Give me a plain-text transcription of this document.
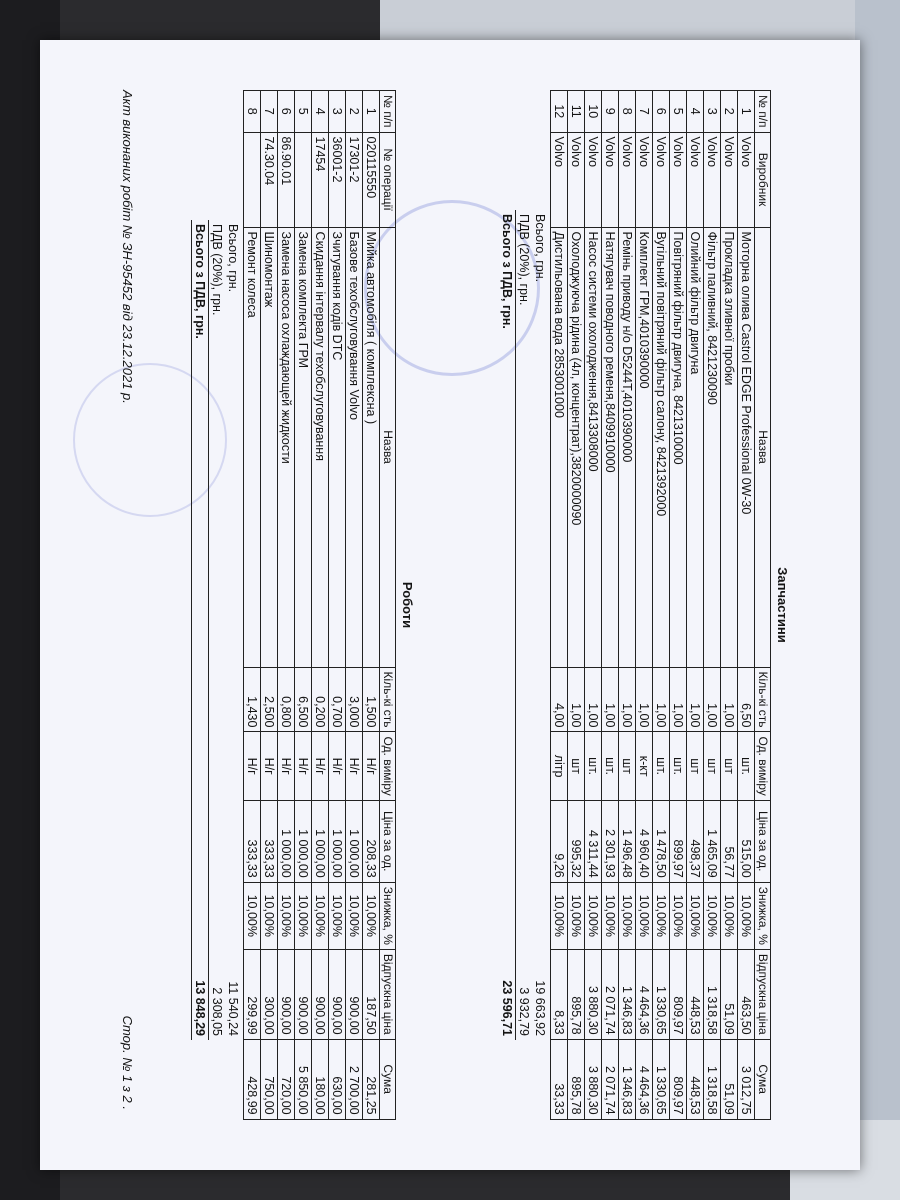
Запчастини
№ п/п	Виробник	Назва	Кіль-кі сть	Од. виміру	Ціна за од.	Знижка, %	Відпускна ціна	Сума
1	Volvo	Моторна олива Castrol EDGE Professional 0W-30	6,50	шт.	515,00	10,00%	463,50	3 012,75
2	Volvo	Прокладка зливної пробки	1,00	шт	56,77	10,00%	51,09	51,09
3	Volvo	Фільтр паливний, 8421230090	1,00	шт	1 465,09	10,00%	1 318,58	1 318,58
4	Volvo	Олийний фільтр двигуна	1,00	шт	498,37	10,00%	448,53	448,53
5	Volvo	Повітряний фільтр двигуна, 8421310000	1,00	шт.	899,97	10,00%	809,97	809,97
6	Volvo	Вугільний повітряний фільтр салону, 8421392000	1,00	шт.	1 478,50	10,00%	1 330,65	1 330,65
7	Volvo	Комплект ГРМ,4010390000	1,00	к-кт	4 960,40	10,00%	4 464,36	4 464,36
8	Volvo	Ремінь приводу н/о D5244T,4010390000	1,00	шт	1 496,48	10,00%	1 346,83	1 346,83
9	Volvo	Натягувач поводного ременя,8409910000	1,00	шт.	2 301,93	10,00%	2 071,74	2 071,74
10	Volvo	Насос системи охолодження,8413308000	1,00	шт.	4 311,44	10,00%	3 880,30	3 880,30
11	Volvo	Охолоджуюча рідина (4л, концентрат),3820000090	1,00	шт	995,32	10,00%	895,78	895,78
12	Volvo	Дистильована вода 2853001000	4,00	літр	9,26	10,00%	8,33	33,33
Всього, грн.	19 663,92
ПДВ (20%), грн.	3 932,79
Всього з ПДВ, грн.	23 596,71
Роботи
№ п/п	№ операції	Назва	Кіль-кі сть	Од. виміру	Ціна за од.	Знижка, %	Відпускна ціна	Сума
1	020115550	Мийка автомобіля ( комплексна )	1,500	Н/г	208,33	10,00%	187,50	281,25
2	17301-2	Базове техобслуговування Volvo	3,000	Н/г	1 000,00	10,00%	900,00	2 700,00
3	36001-2	Зчитування кодів DTC	0,700	Н/г	1 000,00	10,00%	900,00	630,00
4	17454	Скидання інтервалу техобслуговування	0,200	Н/г	1 000,00	10,00%	900,00	180,00
5		Замена комплекта ГРМ	6,500	Н/г	1 000,00	10,00%	900,00	5 850,00
6	86.90.01	Замена насоса охлаждающей жидкости	0,800	Н/г	1 000,00	10,00%	900,00	720,00
7	74.30.04	Шиномонтаж	2,500	Н/г	333,33	10,00%	300,00	750,00
8		Ремонт колеса	1,430	Н/г	333,33	10,00%	299,99	428,99
Всього, грн.	11 540,24
ПДВ (20%), грн.	2 308,05
Всього з ПДВ, грн.	13 848,29
Акт виконаних робіт № ЗН-95452 від 23.12.2021 р.
Стор. № 1 з 2 .
